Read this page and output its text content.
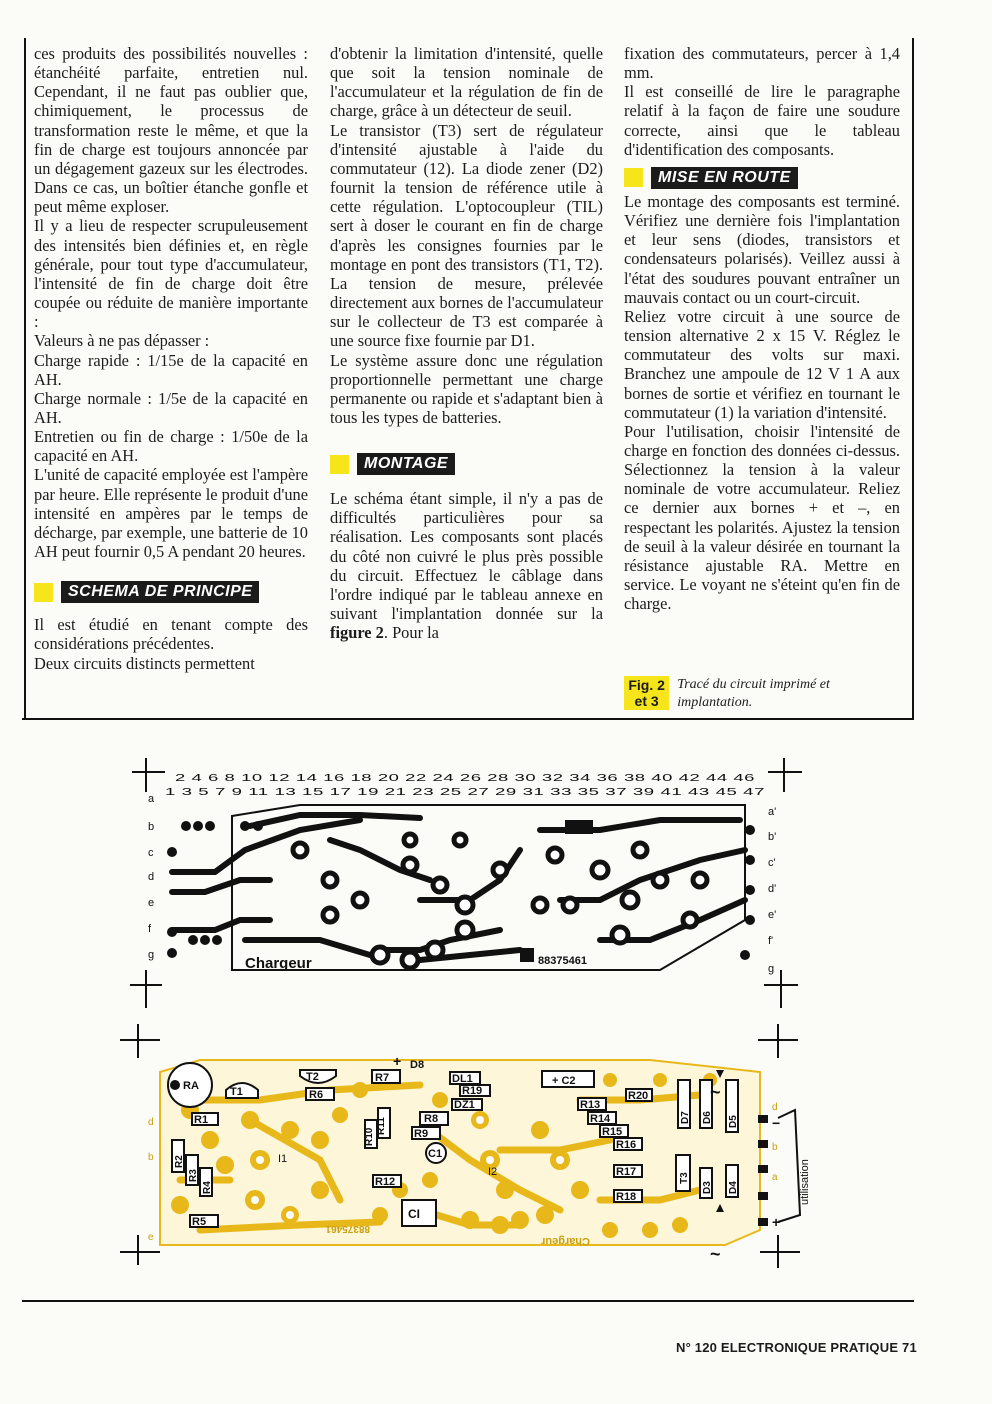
ces produits des possibilités nouvelles : étanchéité parfaite, entretien nul. Cependant, il ne faut pas oublier que, chimiquement, le processus de transformation reste le même, et que la fin de charge est toujours annoncée par un dégagement gazeux sur les électrodes. Dans ce cas, un boîtier étanche gonfle et peut même exploser.

Il y a lieu de respecter scrupuleusement des intensités bien définies et, en règle générale, pour tout type d'accumulateur, l'intensité de fin de charge doit être coupée ou réduite de manière importante :

Valeurs à ne pas dépasser :

Charge rapide : 1/15e de la capacité en AH.

Charge normale : 1/5e de la capacité en AH.

Entretien ou fin de charge : 1/50e de la capacité en AH.

L'unité de capacité employée est l'ampère par heure. Elle représente le produit d'une intensité en ampères par le temps de décharge, par exemple, une batterie de 10 AH peut fournir 0,5 A pendant 20 heures.

SCHEMA DE PRINCIPE

Il est étudié en tenant compte des considérations précédentes.

Deux circuits distincts permettent

d'obtenir la limitation d'intensité, quelle que soit la tension nominale de l'accumulateur et la régulation de fin de charge, grâce à un détecteur de seuil.

Le transistor (T3) sert de régulateur d'intensité ajustable à l'aide du commutateur (12). La diode zener (D2) fournit la tension de référence utile à cette régulation. L'optocoupleur (TIL) sert à doser le courant en fin de charge d'après les consignes fournies par le montage en pont des transistors (T1, T2). La tension de mesure, prélevée directement aux bornes de l'accumulateur sur le collecteur de T3 est comparée à une source fixe fournie par D1.

Le système assure donc une régulation proportionnelle permettant une charge permanente ou rapide et s'adaptant bien à tous les types de batteries.

MONTAGE

Le schéma étant simple, il n'y a pas de difficultés particulières pour sa réalisation. Les composants sont placés du côté non cuivré le plus près possible du circuit. Effectuez le câblage dans l'ordre indiqué par le tableau annexe en suivant l'implantation donnée sur la figure 2. Pour la

fixation des commutateurs, percer à 1,4 mm.

Il est conseillé de lire le paragraphe relatif à la façon de faire une soudure correcte, ainsi que le tableau d'identification des composants.

MISE EN ROUTE

Le montage des composants est terminé. Vérifiez une dernière fois l'implantation et leur sens (diodes, transistors et condensateurs polarisés). Veillez aussi à l'état des soudures pouvant entraîner un mauvais contact ou un court-circuit.

Reliez votre circuit à une source de tension alternative 2 x 15 V. Réglez le commutateur des volts sur maxi. Branchez une ampoule de 12 V 1 A aux bornes de sortie et vérifiez en tournant le commutateur (1) la variation d'intensité.

Pour l'utilisation, choisir l'intensité de charge en fonction des données ci-dessus. Sélectionnez la tension à la valeur nominale de votre accumulateur. Reliez ce dernier aux bornes + et –, en respectant les polarités. Ajustez la tension de seuil à la valeur désirée en tournant la résistance ajustable RA. Mettre en service. Le voyant ne s'éteint qu'en fin de charge.

Fig. 2 et 3
Tracé du circuit imprimé et implantation.
2 4 6 8 10 12 14 16 18 20 22 24 26 28 30 32 34 36 38 40 42 44 46
1 3 5 7 9 11 13 15 17 19 21 23 25 27 29 31 33 35 37 39 41 43 45 47
a
b
c
d
e
f
g
a'
b'
c'
d'
e'
f'
g
Chargeur	88375461
RA	T1
T2
R6
R7
D8
DL1
R19
DZ1
+ C2
R20
R8
R9
C1
R13
R14
R15
R16
R17
R18
R1
R5
R12
I1
I2
CI
+
~
~
−
+
utilisation
Chargeur
88375461
d
b
e
d
b
a
R11
R10
D7 D6 D5
T3
D3 D4
R2
R3
R4
N° 120 ELECTRONIQUE PRATIQUE 71
